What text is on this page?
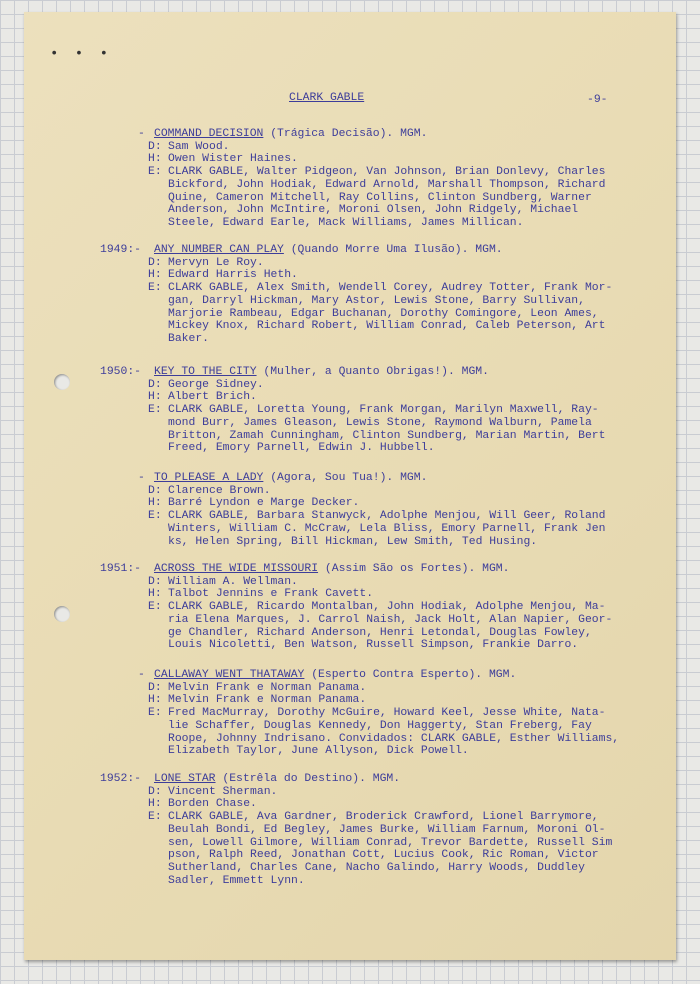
• • •
CLARK GABLE	-9-
- COMMAND DECISION (Trágica Decisão). MGM.
D: Sam Wood.
H: Owen Wister Haines.
E: CLARK GABLE, Walter Pidgeon, Van Johnson, Brian Donlevy, Charles
Bickford, John Hodiak, Edward Arnold, Marshall Thompson, Richard
Quine, Cameron Mitchell, Ray Collins, Clinton Sundberg, Warner
Anderson, John McIntire, Moroni Olsen, John Ridgely, Michael
Steele, Edward Earle, Mack Williams, James Millican.
1949:- ANY NUMBER CAN PLAY (Quando Morre Uma Ilusão). MGM.
D: Mervyn Le Roy.
H: Edward Harris Heth.
E: CLARK GABLE, Alex Smith, Wendell Corey, Audrey Totter, Frank Mor-
gan, Darryl Hickman, Mary Astor, Lewis Stone, Barry Sullivan,
Marjorie Rambeau, Edgar Buchanan, Dorothy Comingore, Leon Ames,
Mickey Knox, Richard Robert, William Conrad, Caleb Peterson, Art
Baker.
1950:- KEY TO THE CITY (Mulher, a Quanto Obrigas!). MGM.
D: George Sidney.
H: Albert Brich.
E: CLARK GABLE, Loretta Young, Frank Morgan, Marilyn Maxwell, Ray-
mond Burr, James Gleason, Lewis Stone, Raymond Walburn, Pamela
Britton, Zamah Cunningham, Clinton Sundberg, Marian Martin, Bert
Freed, Emory Parnell, Edwin J. Hubbell.
- TO PLEASE A LADY (Agora, Sou Tua!). MGM.
D: Clarence Brown.
H: Barré Lyndon e Marge Decker.
E: CLARK GABLE, Barbara Stanwyck, Adolphe Menjou, Will Geer, Roland
Winters, William C. McCraw, Lela Bliss, Emory Parnell, Frank Jen
ks, Helen Spring, Bill Hickman, Lew Smith, Ted Husing.
1951:- ACROSS THE WIDE MISSOURI (Assim São os Fortes). MGM.
D: William A. Wellman.
H: Talbot Jennins e Frank Cavett.
E: CLARK GABLE, Ricardo Montalban, John Hodiak, Adolphe Menjou, Ma-
ria Elena Marques, J. Carrol Naish, Jack Holt, Alan Napier, Geor-
ge Chandler, Richard Anderson, Henri Letondal, Douglas Fowley,
Louis Nicoletti, Ben Watson, Russell Simpson, Frankie Darro.
- CALLAWAY WENT THATAWAY (Esperto Contra Esperto). MGM.
D: Melvin Frank e Norman Panama.
H: Melvin Frank e Norman Panama.
E: Fred MacMurray, Dorothy McGuire, Howard Keel, Jesse White, Nata-
lie Schaffer, Douglas Kennedy, Don Haggerty, Stan Freberg, Fay
Roope, Johnny Indrisano. Convidados: CLARK GABLE, Esther Williams,
Elizabeth Taylor, June Allyson, Dick Powell.
1952:- LONE STAR (Estrêla do Destino). MGM.
D: Vincent Sherman.
H: Borden Chase.
E: CLARK GABLE, Ava Gardner, Broderick Crawford, Lionel Barrymore,
Beulah Bondi, Ed Begley, James Burke, William Farnum, Moroni Ol-
sen, Lowell Gilmore, William Conrad, Trevor Bardette, Russell Sim
pson, Ralph Reed, Jonathan Cott, Lucius Cook, Ric Roman, Victor
Sutherland, Charles Cane, Nacho Galindo, Harry Woods, Duddley
Sadler, Emmett Lynn.
